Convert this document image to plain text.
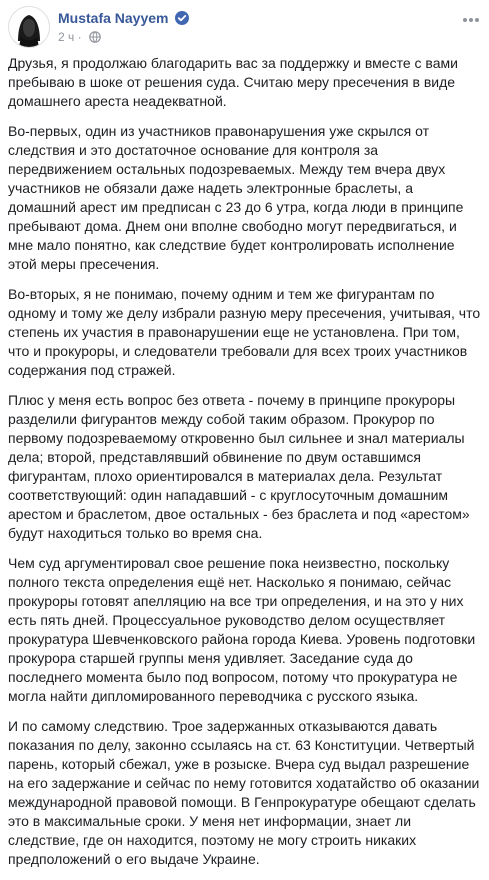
Mustafa Nayyem
2 ч ·

Друзья, я продолжаю благодарить вас за поддержку и вместе с вами пребываю в шоке от решения суда. Считаю меру пресечения в виде домашнего ареста неадекватной.

Во-первых, один из участников правонарушения уже скрылся от следствия и это достаточное основание для контроля за передвижением остальных подозреваемых. Между тем вчера двух участников не обязали даже надеть электронные браслеты, а домашний арест им предписан с 23 до 6 утра, когда люди в принципе пребывают дома. Днем они вполне свободно могут передвигаться, и мне мало понятно, как следствие будет контролировать исполнение этой меры пресечения.

Во-вторых, я не понимаю, почему одним и тем же фигурантам по одному и тому же делу избрали разную меру пресечения, учитывая, что степень их участия в правонарушении еще не установлена. При том, что и прокуроры, и следователи требовали для всех троих участников содержания под стражей.

Плюс у меня есть вопрос без ответа - почему в принципе прокуроры разделили фигурантов между собой таким образом. Прокурор по первому подозреваемому откровенно был сильнее и знал материалы дела; второй, представлявший обвинение по двум оставшимся фигурантам, плохо ориентировался в материалах дела. Результат соответствующий: один нападавший - с круглосуточным домашним арестом и браслетом, двое остальных - без браслета и под «арестом» будут находиться только во время сна.

Чем суд аргументировал свое решение пока неизвестно, поскольку полного текста определения ещё нет. Насколько я понимаю, сейчас прокуроры готовят апелляцию на все три определения, и на это у них есть пять дней. Процессуальное руководство делом осуществляет прокуратура Шевченковского района города Киева. Уровень подготовки прокурора старшей группы меня удивляет. Заседание суда до последнего момента было под вопросом, потому что прокуратура не могла найти дипломированного переводчика с русского языка.

И по самому следствию. Трое задержанных отказываются давать показания по делу, законно ссылаясь на ст. 63 Конституции. Четвертый парень, который сбежал, уже в розыске. Вчера суд выдал разрешение на его задержание и сейчас по нему готовится ходатайство об оказании международной правовой помощи. В Генпрокуратуре обещают сделать это в максимальные сроки. У меня нет информации, знает ли следствие, где он находится, поэтому не могу строить никаких предположений о его выдаче Украине.
